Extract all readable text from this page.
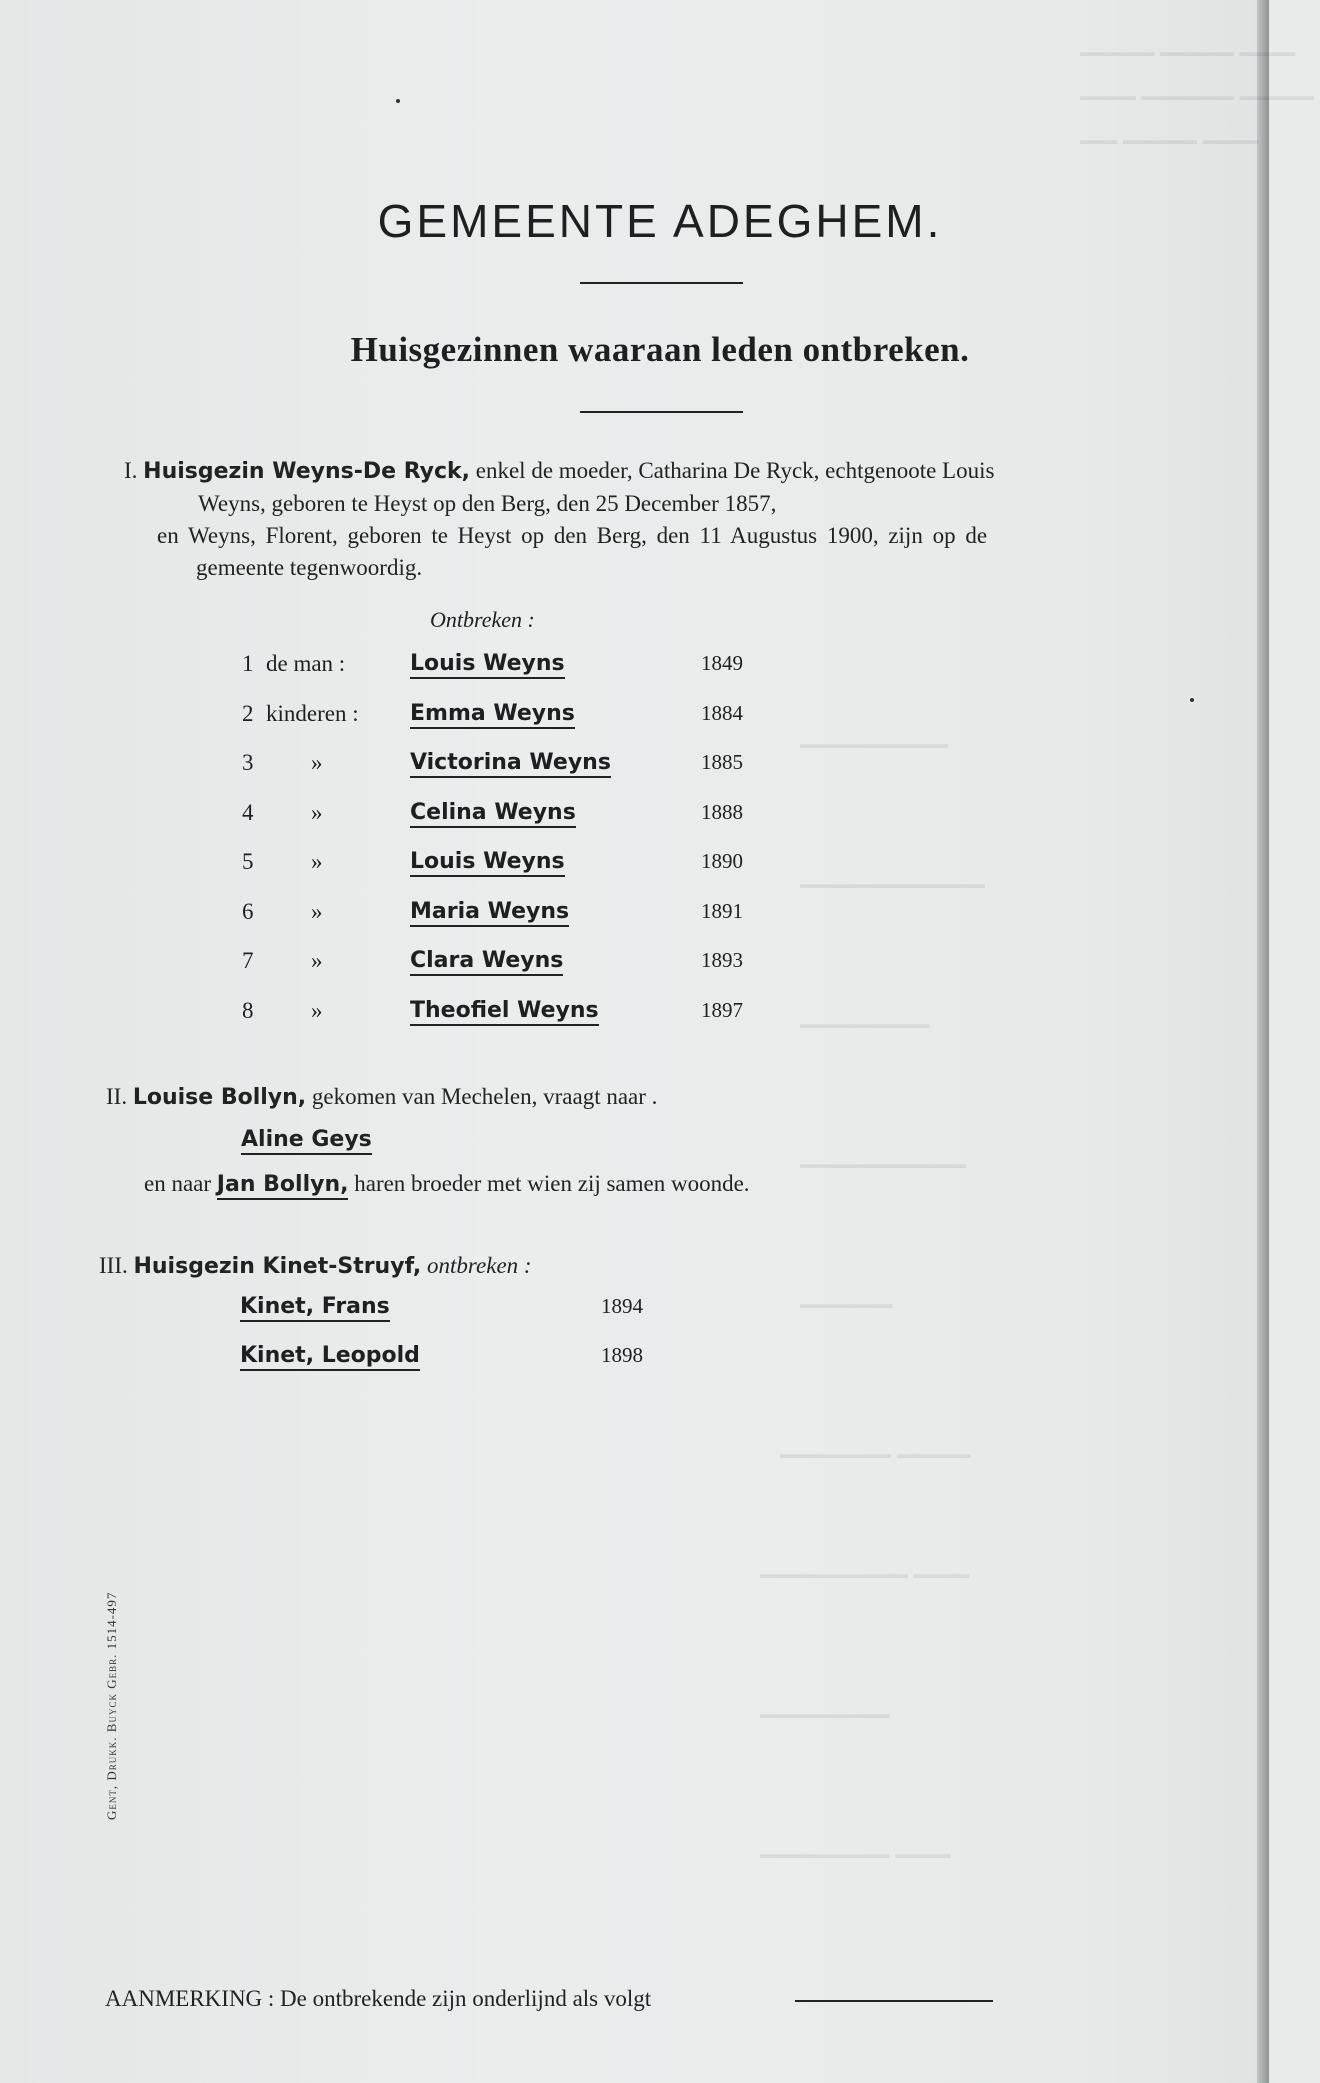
▁▁▁ ▁▁▁▁ ▁▁▁▁
▁▁▁▁ ▁▁▁▁▁ ▁▁▁
▁▁▁ ▁▁▁▁ ▁▁
▁▁▁▁▁▁▁▁
▁▁▁▁▁▁▁▁▁▁
▁▁▁▁▁▁▁
▁▁▁▁▁▁▁▁▁
▁▁▁▁▁
▁▁▁▁ ▁▁▁▁▁▁
▁▁▁ ▁▁▁▁▁▁▁▁
▁▁▁▁▁▁▁
▁▁▁ ▁▁▁▁▁▁▁
GEMEENTE ADEGHEM.
Huisgezinnen waaraan leden ontbreken.
I. Huisgezin Weyns-De Ryck, enkel de moeder, Catharina De Ryck, echtgenoote Louis
Weyns, geboren te Heyst op den Berg, den 25 December 1857,
en Weyns, Florent, geboren te Heyst op den Berg, den 11 Augustus 1900, zijn op de
gemeente tegenwoordig.
Ontbreken :
1 de man :	Louis Weyns	1849
2 kinderen : Emma Weyns	1884
3	»	Victorina Weyns	1885
4	»	Celina Weyns	1888
5	»	Louis Weyns	1890
6	»	Maria Weyns	1891
7	»	Clara Weyns	1893
8	»	Theofiel Weyns	1897
II. Louise Bollyn, gekomen van Mechelen, vraagt naar .
Aline Geys
en naar Jan Bollyn, haren broeder met wien zij samen woonde.
III. Huisgezin Kinet-Struyf, ontbreken :
Kinet, Frans	1894
Kinet, Leopold	1898
Gent, Drukk. Buyck Gebr. 1514-497
AANMERKING : De ontbrekende zijn onderlijnd als volgt
